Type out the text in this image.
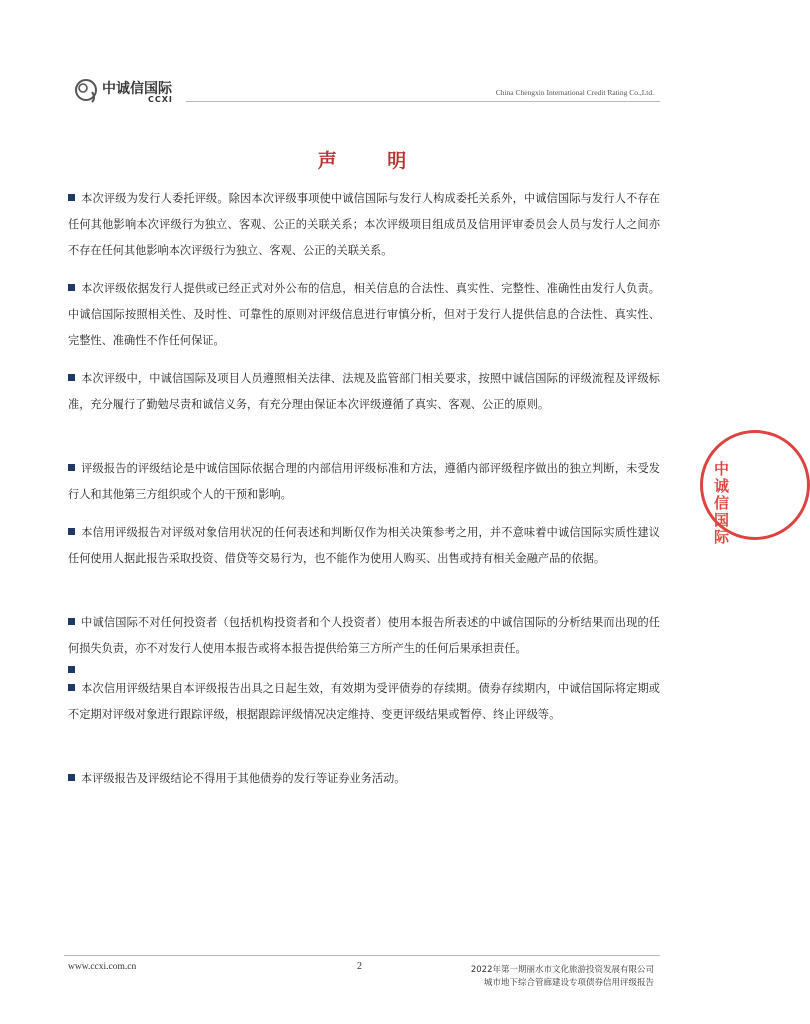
中诚信国际
CCXI
China Chengxin International Credit Rating Co.,Ltd.
声 明
本次评级为发行人委托评级。除因本次评级事项使中诚信国际与发行人构成委托关系外，中诚信国际与发行人不存在任何其他影响本次评级行为独立、客观、公正的关联关系；本次评级项目组成员及信用评审委员会人员与发行人之间亦不存在任何其他影响本次评级行为独立、客观、公正的关联关系。
本次评级依据发行人提供或已经正式对外公布的信息，相关信息的合法性、真实性、完整性、准确性由发行人负责。中诚信国际按照相关性、及时性、可靠性的原则对评级信息进行审慎分析，但对于发行人提供信息的合法性、真实性、完整性、准确性不作任何保证。
本次评级中，中诚信国际及项目人员遵照相关法律、法规及监管部门相关要求，按照中诚信国际的评级流程及评级标准，充分履行了勤勉尽责和诚信义务，有充分理由保证本次评级遵循了真实、客观、公正的原则。
评级报告的评级结论是中诚信国际依据合理的内部信用评级标准和方法，遵循内部评级程序做出的独立判断，未受发行人和其他第三方组织或个人的干预和影响。
本信用评级报告对评级对象信用状况的任何表述和判断仅作为相关决策参考之用，并不意味着中诚信国际实质性建议任何使用人据此报告采取投资、借贷等交易行为，也不能作为使用人购买、出售或持有相关金融产品的依据。
中诚信国际不对任何投资者（包括机构投资者和个人投资者）使用本报告所表述的中诚信国际的分析结果而出现的任何损失负责，亦不对发行人使用本报告或将本报告提供给第三方所产生的任何后果承担责任。
本次信用评级结果自本评级报告出具之日起生效，有效期为受评债券的存续期。债券存续期内，中诚信国际将定期或不定期对评级对象进行跟踪评级，根据跟踪评级情况决定维持、变更评级结果或暂停、终止评级等。
本评级报告及评级结论不得用于其他债券的发行等证券业务活动。
中诚信国际
www.ccxi.com.cn	2	2022年第一期丽水市文化旅游投资发展有限公司
城市地下综合管廊建设专项债券信用评级报告
